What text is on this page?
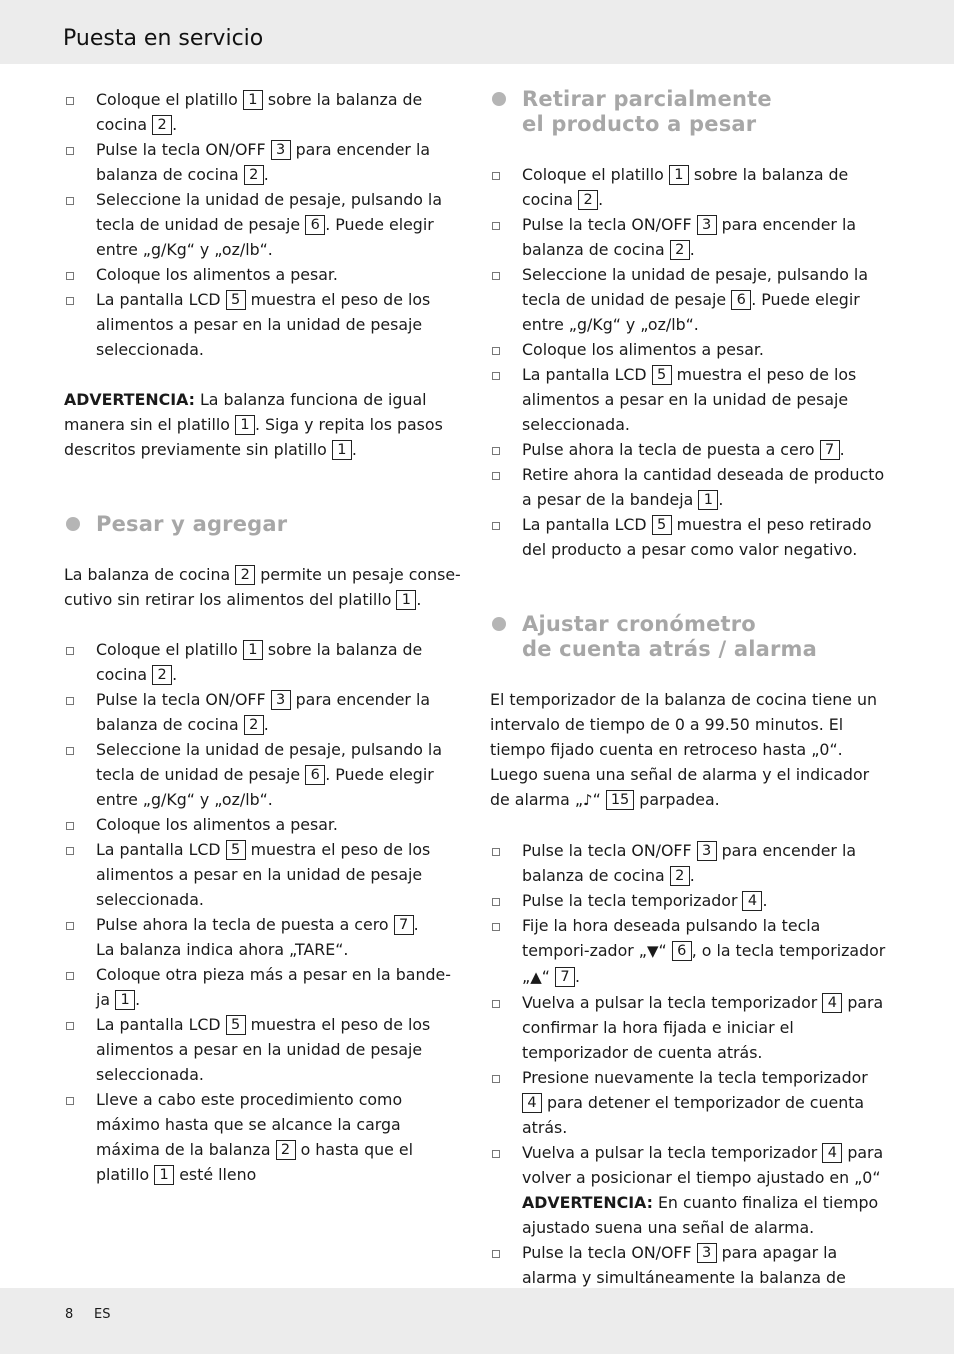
Puesta en servicio
Coloque el platillo 1 sobre la balanza de cocina 2 .
Pulse la tecla ON/OFF 3 para encender la balanza de cocina 2 .
Seleccione la unidad de pesaje, pulsando la tecla de unidad de pesaje 6 . Puede elegir entre „g/Kg“ y „oz/lb“.
Coloque los alimentos a pesar.
La pantalla LCD 5 muestra el peso de los alimentos a pesar en la unidad de pesaje seleccionada.

ADVERTENCIA: La balanza funciona de igual manera sin el platillo 1 . Siga y repita los pasos descritos previamente sin platillo 1 .

Pesar y agregar

La balanza de cocina 2 permite un pesaje conse-cutivo sin retirar los alimentos del platillo 1 .

Coloque el platillo 1 sobre la balanza de cocina 2 .
Pulse la tecla ON/OFF 3 para encender la balanza de cocina 2 .
Seleccione la unidad de pesaje, pulsando la tecla de unidad de pesaje 6 . Puede elegir entre „g/Kg“ y „oz/lb“.
Coloque los alimentos a pesar.
La pantalla LCD 5 muestra el peso de los alimentos a pesar en la unidad de pesaje seleccionada.
Pulse ahora la tecla de puesta a cero 7 .
La balanza indica ahora „TARE“.
Coloque otra pieza más a pesar en la bande-ja 1 .
La pantalla LCD 5 muestra el peso de los alimentos a pesar en la unidad de pesaje seleccionada.
Lleve a cabo este procedimiento como máximo hasta que se alcance la carga máxima de la balanza 2 o hasta que el platillo 1 esté lleno
Retirar parcialmente
el producto a pesar
Coloque el platillo 1 sobre la balanza de cocina 2 .
Pulse la tecla ON/OFF 3 para encender la balanza de cocina 2 .
Seleccione la unidad de pesaje, pulsando la tecla de unidad de pesaje 6 . Puede elegir entre „g/Kg“ y „oz/lb“.
Coloque los alimentos a pesar.
La pantalla LCD 5 muestra el peso de los alimentos a pesar en la unidad de pesaje seleccionada.
Pulse ahora la tecla de puesta a cero 7 .
Retire ahora la cantidad deseada de producto a pesar de la bandeja 1 .
La pantalla LCD 5 muestra el peso retirado del producto a pesar como valor negativo.
Ajustar cronómetro
de cuenta atrás / alarma

El temporizador de la balanza de cocina tiene un intervalo de tiempo de 0 a 99.50 minutos. El tiempo fijado cuenta en retroceso hasta „0“. Luego suena una señal de alarma y el indicador de alarma „♪“ 15 parpadea.

Pulse la tecla ON/OFF 3 para encender la balanza de cocina 2 .
Pulse la tecla temporizador 4 .
Fije la hora deseada pulsando la tecla tempori-zador „▼“ 6 , o la tecla temporizador „▲“ 7 .
Vuelva a pulsar la tecla temporizador 4 para confirmar la hora fijada e iniciar el temporizador de cuenta atrás.
Presione nuevamente la tecla temporizador 4 para detener el temporizador de cuenta atrás.
Vuelva a pulsar la tecla temporizador 4 para volver a posicionar el tiempo ajustado en „0“
ADVERTENCIA: En cuanto finaliza el tiempo ajustado suena una señal de alarma.
Pulse la tecla ON/OFF 3 para apagar la alarma y simultáneamente la balanza de
8 ES
